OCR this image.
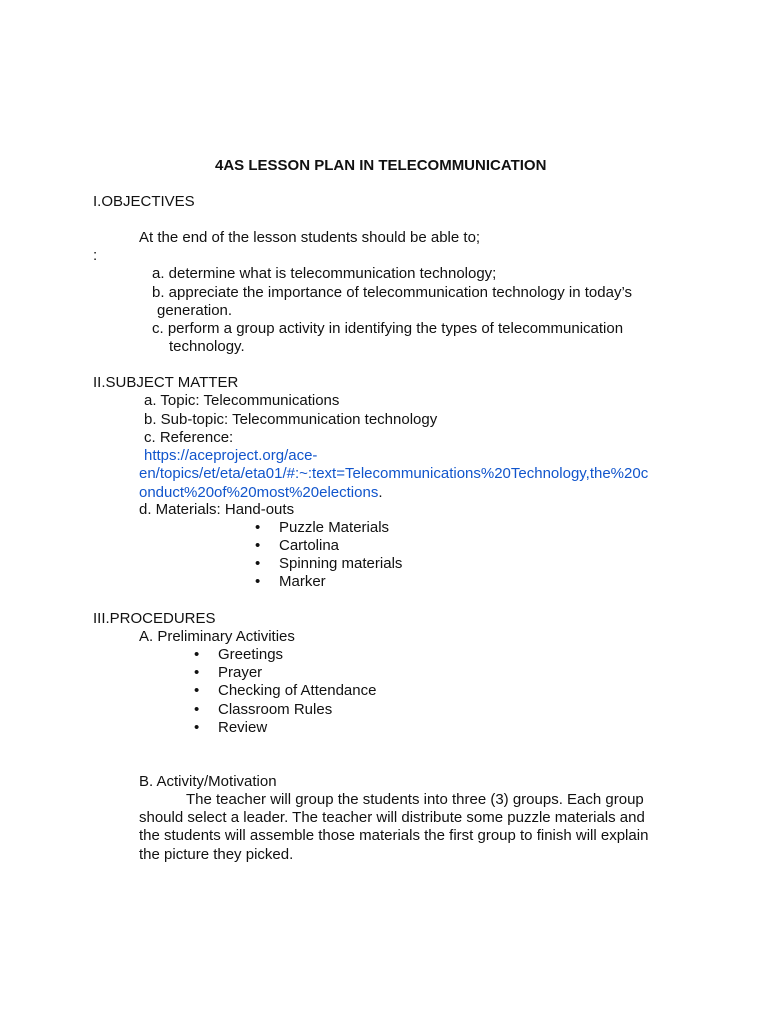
4AS LESSON PLAN IN TELECOMMUNICATION
I.OBJECTIVES
At the end of the lesson students should be able to;
:
a. determine what is telecommunication technology;
b. appreciate the importance of telecommunication technology in today’s
generation.
c. perform a group activity in identifying the types of telecommunication
technology.
II.SUBJECT MATTER
a. Topic: Telecommunications
b. Sub-topic: Telecommunication technology
c. Reference:
https://aceproject.org/ace-
en/topics/et/eta/eta01/#:~:text=Telecommunications%20Technology,the%20c
onduct%20of%20most%20elections.
d. Materials: Hand-outs
• Puzzle Materials
• Cartolina
• Spinning materials
• Marker
III.PROCEDURES
A. Preliminary Activities
• Greetings
• Prayer
• Checking of Attendance
• Classroom Rules
• Review
B. Activity/Motivation
The teacher will group the students into three (3) groups. Each group
should select a leader. The teacher will distribute some puzzle materials and
the students will assemble those materials the first group to finish will explain
the picture they picked.
